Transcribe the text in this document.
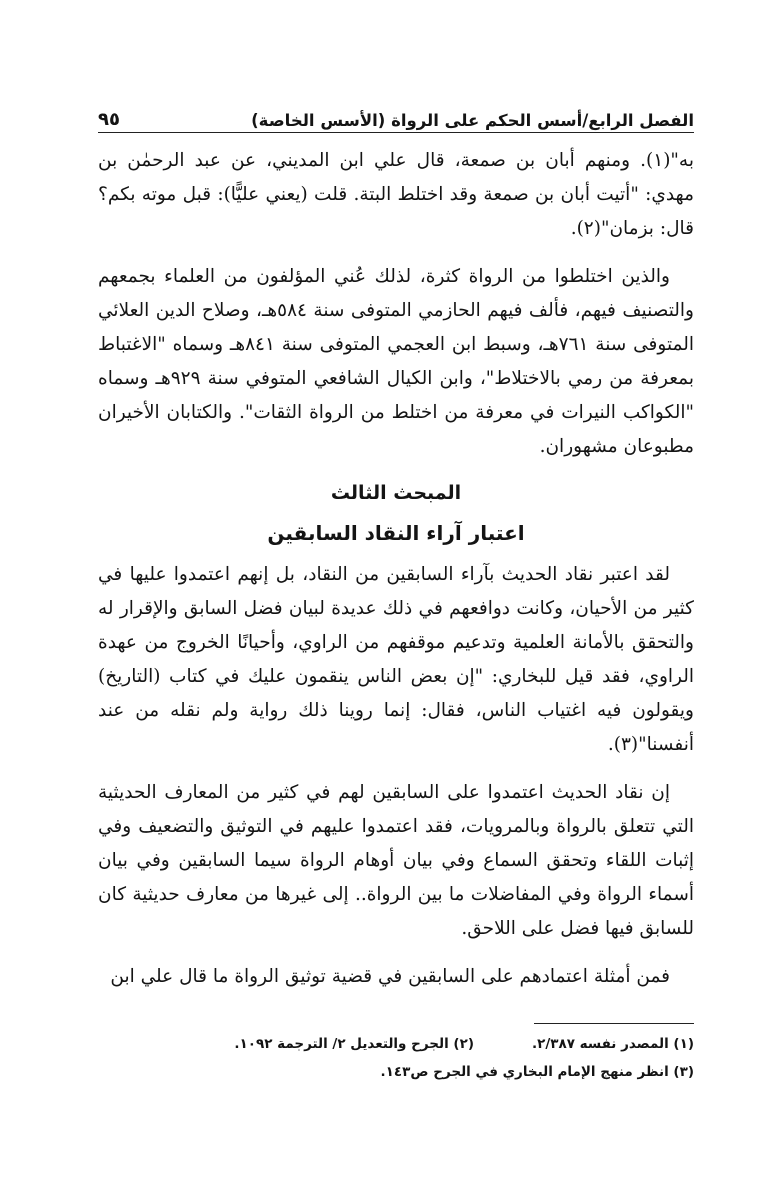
الفصل الرابع/أسس الحكم على الرواة (الأسس الخاصة)
٩٥

به"(١). ومنهم أبان بن صمعة، قال علي ابن المديني، عن عبد الرحمٰن بن مهدي: "أتيت أبان بن صمعة وقد اختلط البتة. قلت (يعني عليًّا): قبل موته بكم؟ قال: بزمان"(٢).

والذين اختلطوا من الرواة كثرة، لذلك عُني المؤلفون من العلماء بجمعهم والتصنيف فيهم، فألف فيهم الحازمي المتوفى سنة ٥٨٤هـ، وصلاح الدين العلائي المتوفى سنة ٧٦١هـ، وسبط ابن العجمي المتوفى سنة ٨٤١هـ وسماه "الاغتباط بمعرفة من رمي بالاختلاط"، وابن الكيال الشافعي المتوفي سنة ٩٢٩هـ وسماه "الكواكب النيرات في معرفة من اختلط من الرواة الثقات". والكتابان الأخيران مطبوعان مشهوران.

المبحث الثالث
اعتبار آراء النقاد السابقين

لقد اعتبر نقاد الحديث بآراء السابقين من النقاد، بل إنهم اعتمدوا عليها في كثير من الأحيان، وكانت دوافعهم في ذلك عديدة لبيان فضل السابق والإقرار له والتحقق بالأمانة العلمية وتدعيم موقفهم من الراوي، وأحيانًا الخروج من عهدة الراوي، فقد قيل للبخاري: "إن بعض الناس ينقمون عليك في كتاب (التاريخ) ويقولون فيه اغتياب الناس، فقال: إنما روينا ذلك رواية ولم نقله من عند أنفسنا"(٣).

إن نقاد الحديث اعتمدوا على السابقين لهم في كثير من المعارف الحديثية التي تتعلق بالرواة وبالمرويات، فقد اعتمدوا عليهم في التوثيق والتضعيف وفي إثبات اللقاء وتحقق السماع وفي بيان أوهام الرواة سيما السابقين وفي بيان أسماء الرواة وفي المفاضلات ما بين الرواة.. إلى غيرها من معارف حديثية كان للسابق فيها فضل على اللاحق.

فمن أمثلة اعتمادهم على السابقين في قضية توثيق الرواة ما قال علي ابن

(١) المصدر نفسه ٢/٣٨٧.
(٢) الجرح والتعديل ٢/ الترجمة ١٠٩٢.
(٣) انظر منهج الإمام البخاري في الجرح ص١٤٣.
